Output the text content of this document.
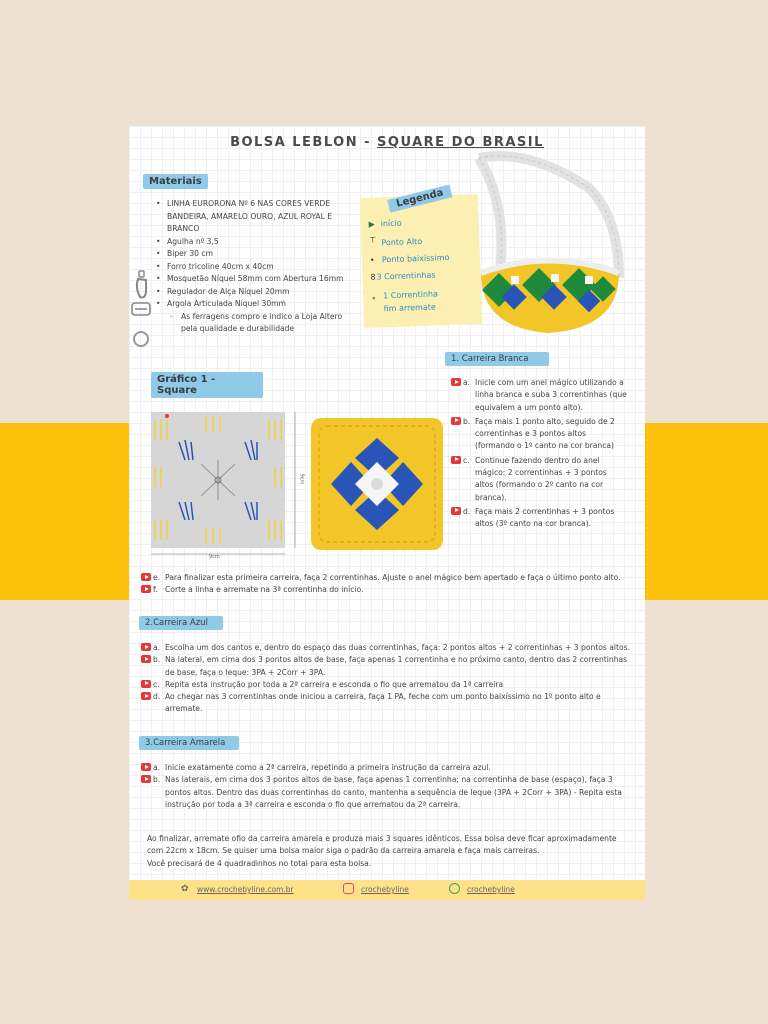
BOLSA LEBLON - SQUARE DO BRASIL
Materiais
• LINHA EURORONA Nº 6 NAS CORES VERDE BANDEIRA, AMARELO OURO, AZUL ROYAL E BRANCO
• Agulha nº 3,5
• Biper 30 cm
• Forro tricoline 40cm x 40cm
• Mosquetão Níquel 58mm com Abertura 16mm
• Regulador de Alça Níquel 20mm
• Argola Articulada Níquel 30mm
◦ As ferragens compro e indico a Loja Altero pela qualidade e durabilidade
Legenda
▶ início
⊤ Ponto Alto
• Ponto baixíssimo
8 3 Correntinhas
∘ 1 Correntinha
fim arremate
1. Carreira Branca
Gráfico 1 - Square
9cm
9cm
a. Inicie com um anel mágico utilizando a linha branca e suba 3 correntinhas (que equivalem a um ponto alto).
b. Faça mais 1 ponto alto, seguido de 2 correntinhas e 3 pontos altos (formando o 1º canto na cor branca)
c. Continue fazendo dentro do anel mágico: 2 correntinhas + 3 pontos altos (formando o 2º canto na cor branca).
d. Faça mais 2 correntinhas + 3 pontos altos (3º canto na cor branca).
e. Para finalizar esta primeira carreira, faça 2 correntinhas. Ajuste o anel mágico bem apertado e faça o último ponto alto.
f. Corte a linha e arremate na 3ª correntinha do início.
2.Carreira Azul
a. Escolha um dos cantos e, dentro do espaço das duas correntinhas, faça: 2 pontos altos + 2 correntinhas + 3 pontos altos.
b. Na lateral, em cima dos 3 pontos altos de base, faça apenas 1 correntinha e no próximo canto, dentro das 2 correntinhas de base, faça o leque: 3PA + 2Corr + 3PA.
c. Repita esta instrução por toda a 2ª carreira e esconda o fio que arrematou da 1ª carreira
d. Ao chegar nas 3 correntinhas onde iniciou a carreira, faça 1 PA, feche com um ponto baixíssimo no 1º ponto alto e arremate.
3.Carreira Amarela
a. Inicie exatamente como a 2ª carreira, repetindo a primeira instrução da carreira azul.
b. Nas laterais, em cima dos 3 pontos altos de base, faça apenas 1 correntinha; na correntinha de base (espaço), faça 3 pontos altos. Dentro das duas correntinhas do canto, mantenha a sequência de leque (3PA + 2Corr + 3PA) - Repita esta instrução por toda a 3ª carreira e esconda o fio que arrematou da 2ª carreira.

Ao finalizar, arremate ofio da carreira amarela e produza mais 3 squares idênticos. Essa bolsa deve ficar aproximadamente com 22cm x 18cm. Se quiser uma bolsa maior siga o padrão da carreira amarela e faça mais carreiras.

Você precisará de 4 quadradinhos no total para esta bolsa.

✿ www.crochebyline.com.br	crochebyline	crochebyline
